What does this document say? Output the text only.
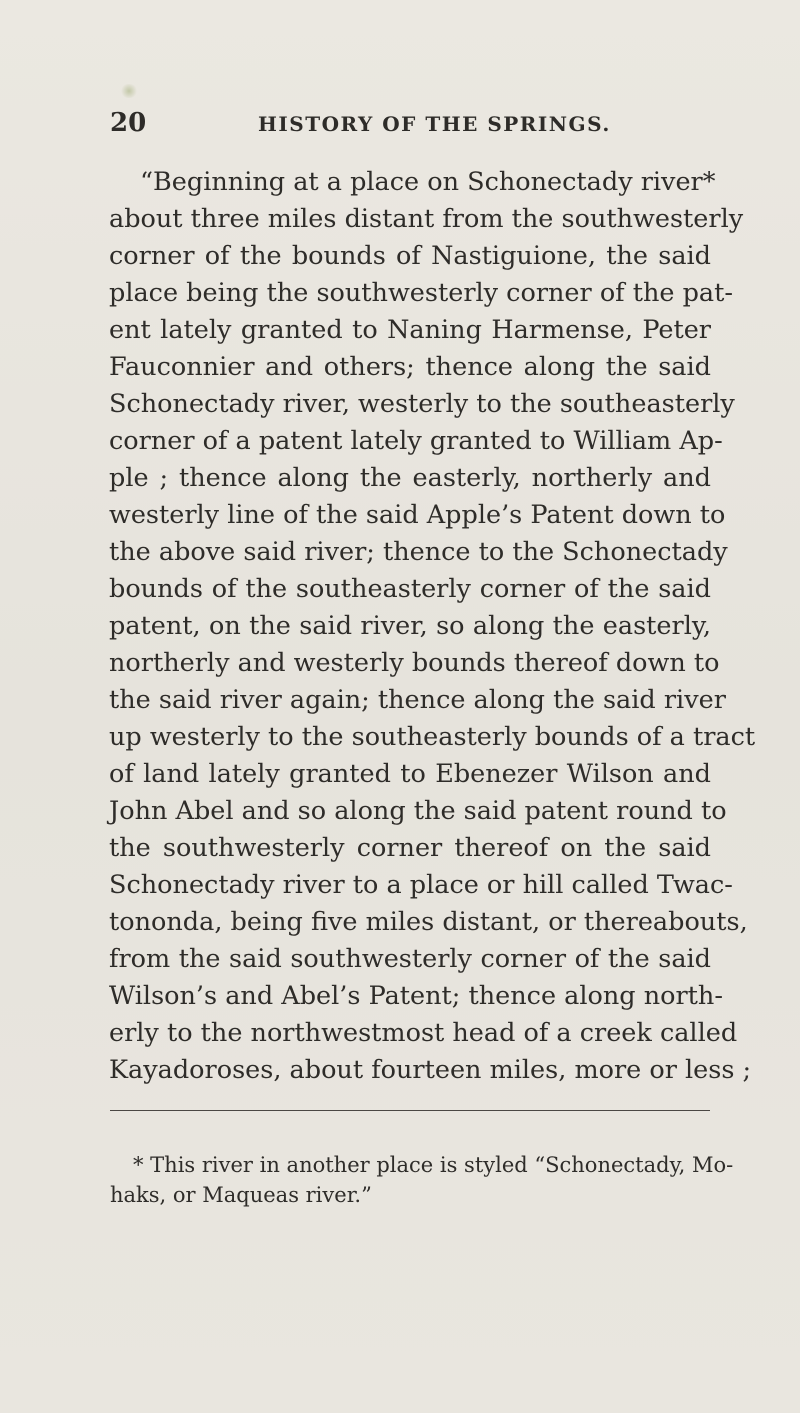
20	HISTORY OF THE SPRINGS.
“Beginning at a place on Schonectady river*
about three miles distant from the southwesterly
corner of the bounds of Nastiguione, the said
place being the southwesterly corner of the pat-
ent lately granted to Naning Harmense, Peter
Fauconnier and others; thence along the said
Schonectady river, westerly to the southeasterly
corner of a patent lately granted to William Ap-
ple ; thence along the easterly, northerly and
westerly line of the said Apple’s Patent down to
the above said river; thence to the Schonectady
bounds of the southeasterly corner of the said
patent, on the said river, so along the easterly,
northerly and westerly bounds thereof down to
the said river again; thence along the said river
up westerly to the southeasterly bounds of a tract
of land lately granted to Ebenezer Wilson and
John Abel and so along the said patent round to
the southwesterly corner thereof on the said
Schonectady river to a place or hill called Twac-
tononda, being five miles distant, or thereabouts,
from the said southwesterly corner of the said
Wilson’s and Abel’s Patent; thence along north-
erly to the northwestmost head of a creek called
Kayadoroses, about fourteen miles, more or less ;
* This river in another place is styled “Schonectady, Mo-
haks, or Maqueas river.”
